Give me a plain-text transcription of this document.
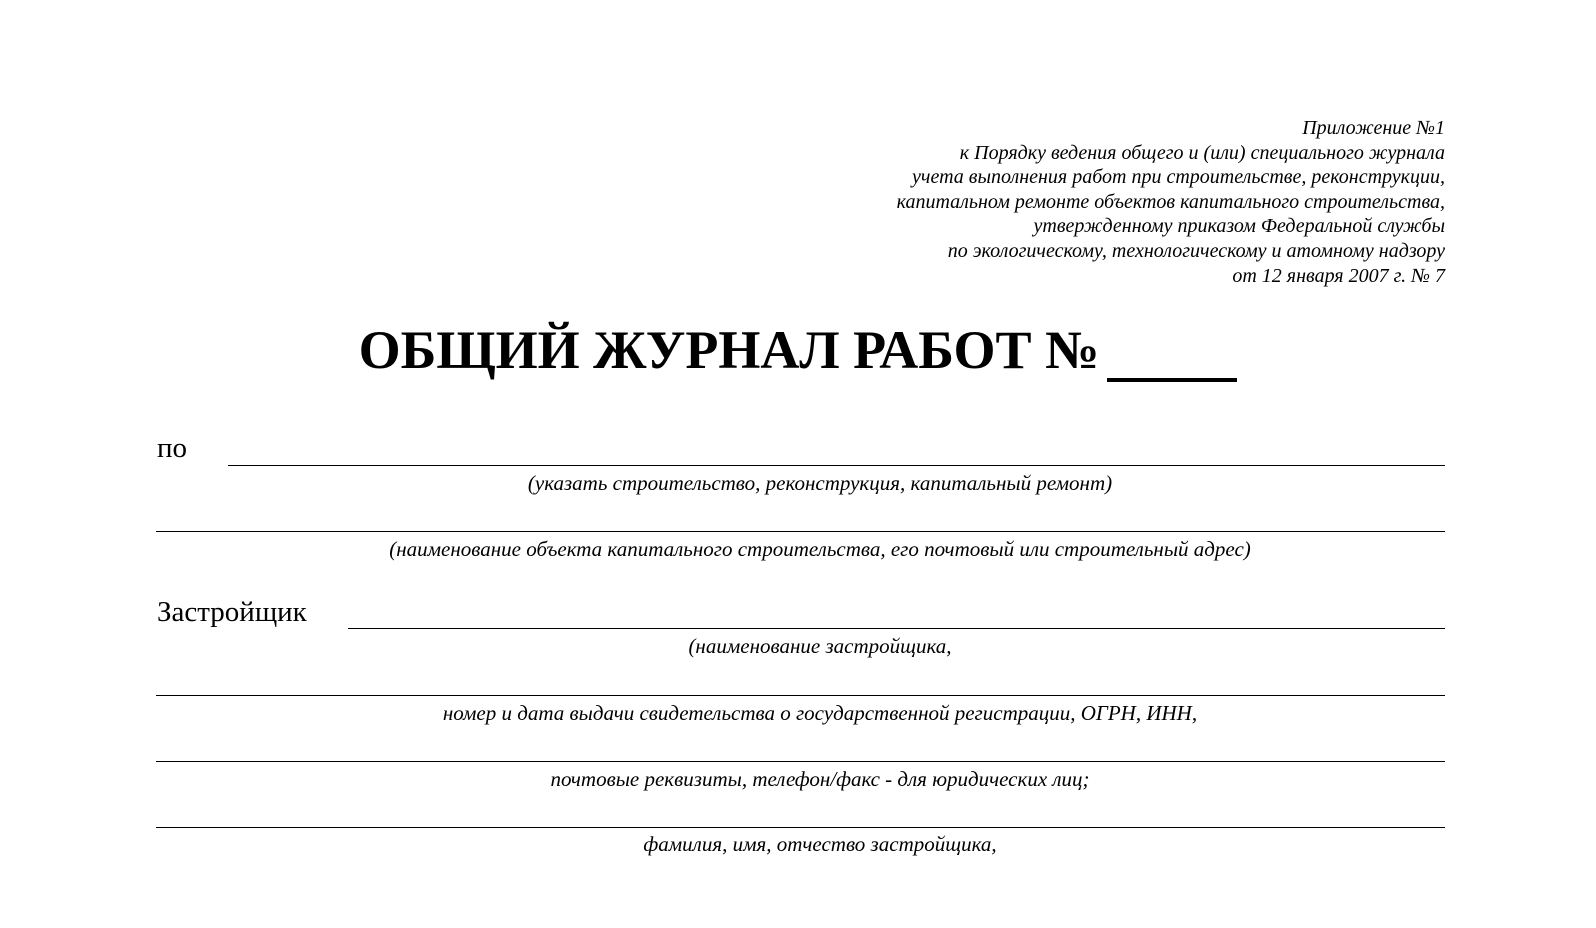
Приложение №1
к Порядку ведения общего и (или) специального журнала
учета выполнения работ при строительстве, реконструкции,
капитальном ремонте объектов капитального строительства,
утвержденному приказом Федеральной службы
по экологическому, технологическому и атомному надзору
от 12 января 2007 г. № 7
ОБЩИЙ ЖУРНАЛ РАБОТ №
по
(указать строительство, реконструкция, капитальный ремонт)
(наименование объекта капитального строительства, его почтовый или строительный адрес)
Застройщик
(наименование застройщика,
номер и дата выдачи свидетельства о государственной регистрации, ОГРН, ИНН,
почтовые реквизиты, телефон/факс - для юридических лиц;
фамилия, имя, отчество застройщика,
